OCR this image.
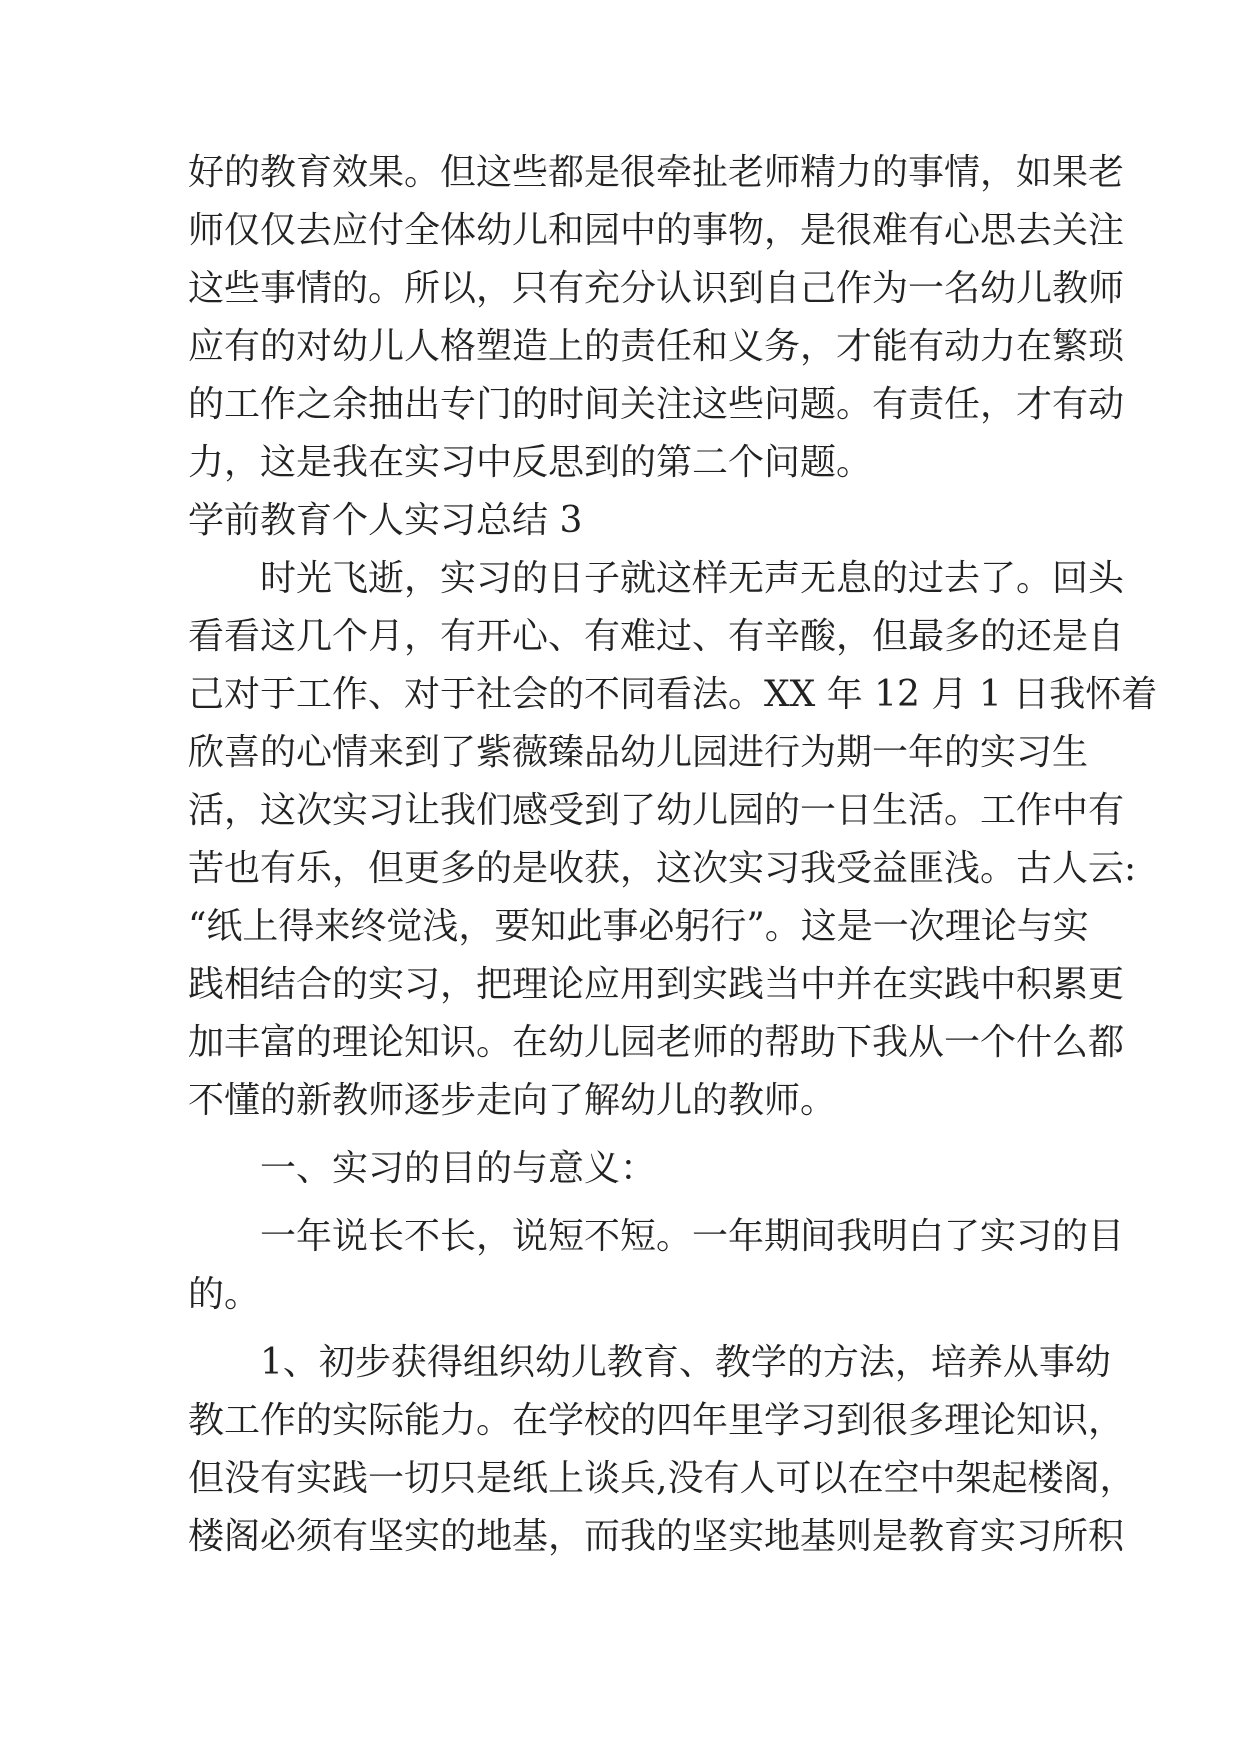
好的教育效果。但这些都是很牵扯老师精力的事情，如果老
师仅仅去应付全体幼儿和园中的事物，是很难有心思去关注
这些事情的。所以，只有充分认识到自己作为一名幼儿教师
应有的对幼儿人格塑造上的责任和义务，才能有动力在繁琐
的工作之余抽出专门的时间关注这些问题。有责任，才有动
力，这是我在实习中反思到的第二个问题。
学前教育个人实习总结 3
时光飞逝，实习的日子就这样无声无息的过去了。回头
看看这几个月，有开心、有难过、有辛酸，但最多的还是自
己对于工作、对于社会的不同看法。XX 年 12 月 1 日我怀着
欣喜的心情来到了紫薇臻品幼儿园进行为期一年的实习生
活，这次实习让我们感受到了幼儿园的一日生活。工作中有
苦也有乐，但更多的是收获，这次实习我受益匪浅。古人云:
“纸上得来终觉浅，要知此事必躬行”。这是一次理论与实
践相结合的实习，把理论应用到实践当中并在实践中积累更
加丰富的理论知识。在幼儿园老师的帮助下我从一个什么都
不懂的新教师逐步走向了解幼儿的教师。
一、实习的目的与意义：
一年说长不长，说短不短。一年期间我明白了实习的目
的。
1、初步获得组织幼儿教育、教学的方法，培养从事幼
教工作的实际能力。在学校的四年里学习到很多理论知识，
但没有实践一切只是纸上谈兵,没有人可以在空中架起楼阁，
楼阁必须有坚实的地基，而我的坚实地基则是教育实习所积
